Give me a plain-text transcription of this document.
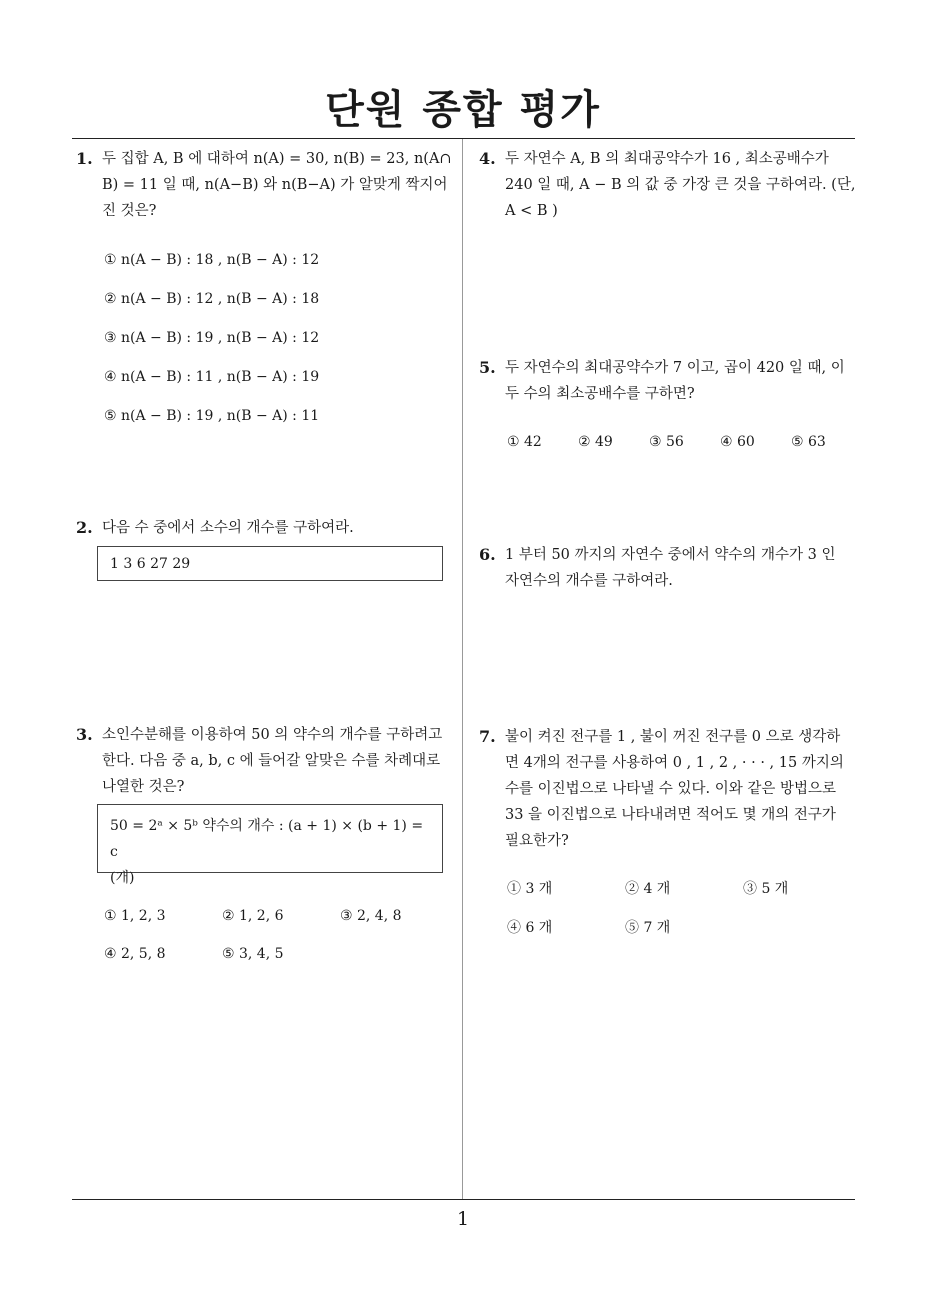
단원 종합 평가
1. 두 집합 A, B 에 대하여 n(A) = 30, n(B) = 23, n(A∩
B) = 11 일 때, n(A−B) 와 n(B−A) 가 알맞게 짝지어
진 것은?
① n(A − B) : 18 , n(B − A) : 12
② n(A − B) : 12 , n(B − A) : 18
③ n(A − B) : 19 , n(B − A) : 12
④ n(A − B) : 11 , n(B − A) : 19
⑤ n(A − B) : 19 , n(B − A) : 11
2. 다음 수 중에서 소수의 개수를 구하여라.
1 3 6 27 29
3. 소인수분해를 이용하여 50 의 약수의 개수를 구하려고
한다. 다음 중 a, b, c 에 들어갈 알맞은 수를 차례대로
나열한 것은?
50 = 2ᵃ × 5ᵇ 약수의 개수 : (a + 1) × (b + 1) = c
(개)
① 1, 2, 3	② 1, 2, 6	③ 2, 4, 8
④ 2, 5, 8	⑤ 3, 4, 5
4. 두 자연수 A, B 의 최대공약수가 16 , 최소공배수가
240 일 때, A − B 의 값 중 가장 큰 것을 구하여라. (단,
A < B )
5. 두 자연수의 최대공약수가 7 이고, 곱이 420 일 때, 이
두 수의 최소공배수를 구하면?
① 42	② 49	③ 56	④ 60	⑤ 63
6. 1 부터 50 까지의 자연수 중에서 약수의 개수가 3 인
자연수의 개수를 구하여라.
7. 불이 켜진 전구를 1 , 불이 꺼진 전구를 0 으로 생각하
면 4개의 전구를 사용하여 0 , 1 , 2 , · · · , 15 까지의
수를 이진법으로 나타낼 수 있다. 이와 같은 방법으로
33 을 이진법으로 나타내려면 적어도 몇 개의 전구가
필요한가?
① 3 개	② 4 개	③ 5 개
④ 6 개	⑤ 7 개
1
